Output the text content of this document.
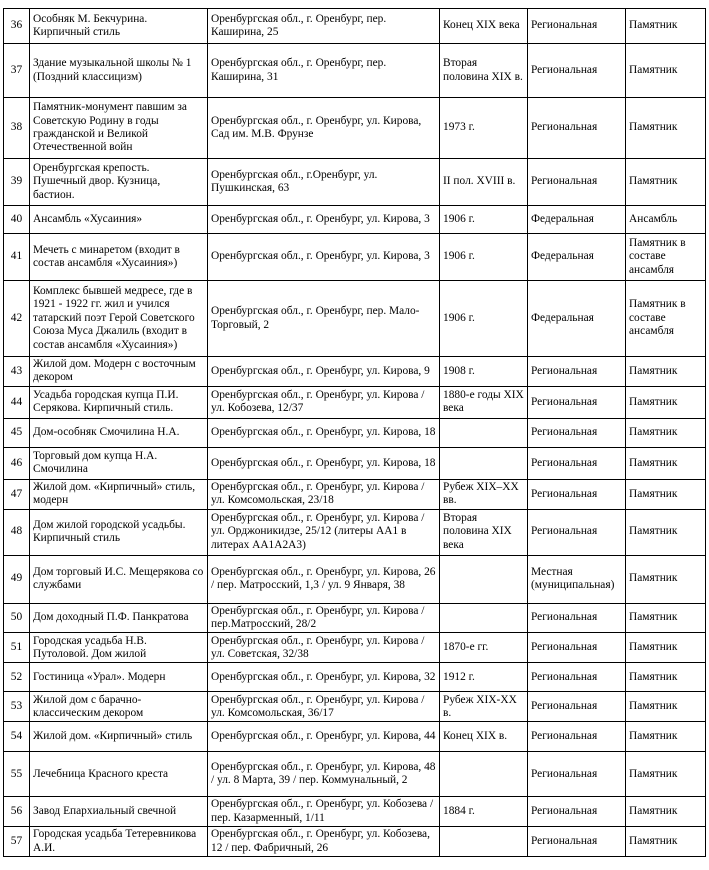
36	Особняк М. Бекчурина. Кирпичный стиль	Оренбургская обл., г. Оренбург, пер. Каширина, 25	Конец XIX века	Региональная	Памятник
37	Здание музыкальной школы № 1 (Поздний классицизм)	Оренбургская обл., г. Оренбург, пер. Каширина, 31	Вторая половина XIX в.	Региональная	Памятник
38	Памятник-монумент павшим за Советскую Родину в годы гражданской и Великой Отечественной войн	Оренбургская обл., г. Оренбург, ул. Кирова, Сад им. М.В. Фрунзе	1973 г.	Региональная	Памятник
39	Оренбургская крепость. Пушечный двор. Кузница, бастион.	Оренбургская обл., г.Оренбург, ул. Пушкинская, 63	II пол. XVIII в.	Региональная	Памятник
40	Ансамбль «Хусаиния»	Оренбургская обл., г. Оренбург, ул. Кирова, 3	1906 г.	Федеральная	Ансамбль
41	Мечеть с минаретом (входит в состав ансамбля «Хусаиния»)	Оренбургская обл., г. Оренбург, ул. Кирова, 3	1906 г.	Федеральная	Памятник в составе ансамбля
42	Комплекс бывшей медресе, где в 1921 - 1922 гг. жил и учился татарский поэт Герой Советского Союза Муса Джалиль (входит в состав ансамбля «Хусаиния»)	Оренбургская обл., г. Оренбург, пер. Мало-Торговый, 2	1906 г.	Федеральная	Памятник в составе ансамбля
43	Жилой дом. Модерн с восточным декором	Оренбургская обл., г. Оренбург, ул. Кирова, 9	1908 г.	Региональная	Памятник
44	Усадьба городская купца П.И. Серякова. Кирпичный стиль.	Оренбургская обл., г. Оренбург, ул. Кирова / ул. Кобозева, 12/37	1880-е годы XIX века	Региональная	Памятник
45	Дом-особняк Смочилина Н.А.	Оренбургская обл., г. Оренбург, ул. Кирова, 18		Региональная	Памятник
46	Торговый дом купца Н.А. Смочилина	Оренбургская обл., г. Оренбург, ул. Кирова, 18		Региональная	Памятник
47	Жилой дом. «Кирпичный» стиль, модерн	Оренбургская обл., г. Оренбург, ул. Кирова / ул. Комсомольская, 23/18	Рубеж XIX–XX вв.	Региональная	Памятник
48	Дом жилой городской усадьбы. Кирпичный стиль	Оренбургская обл., г. Оренбург, ул. Кирова / ул. Орджоникидзе, 25/12 (литеры АА1 в литерах АА1А2А3)	Вторая половина XIX века	Региональная	Памятник
49	Дом торговый И.С. Мещерякова со службами	Оренбургская обл., г. Оренбург, ул. Кирова, 26 / пер. Матросский, 1,3 / ул. 9 Января, 38		Местная (муниципальная)	Памятник
50	Дом доходный П.Ф. Панкратова	Оренбургская обл., г. Оренбург, ул. Кирова / пер.Матросский, 28/2		Региональная	Памятник
51	Городская усадьба Н.В. Путоловой. Дом жилой	Оренбургская обл., г. Оренбург, ул. Кирова / ул. Советская, 32/38	1870-е гг.	Региональная	Памятник
52	Гостиница «Урал». Модерн	Оренбургская обл., г. Оренбург, ул. Кирова, 32	1912 г.	Региональная	Памятник
53	Жилой дом с барачно-классическим декором	Оренбургская обл., г. Оренбург, ул. Кирова / ул. Комсомольская, 36/17	Рубеж XIX-XX в.	Региональная	Памятник
54	Жилой дом. «Кирпичный» стиль	Оренбургская обл., г. Оренбург, ул. Кирова, 44	Конец XIX в.	Региональная	Памятник
55	Лечебница Красного креста	Оренбургская обл., г. Оренбург, ул. Кирова, 48 / ул. 8 Марта, 39 / пер. Коммунальный, 2		Региональная	Памятник
56	Завод Епархиальный свечной	Оренбургская обл., г. Оренбург, ул. Кобозева / пер. Казарменный, 1/11	1884 г.	Региональная	Памятник
57	Городская усадьба Тетеревникова А.И.	Оренбургская обл., г. Оренбург, ул. Кобозева, 12 / пер. Фабричный, 26		Региональная	Памятник
